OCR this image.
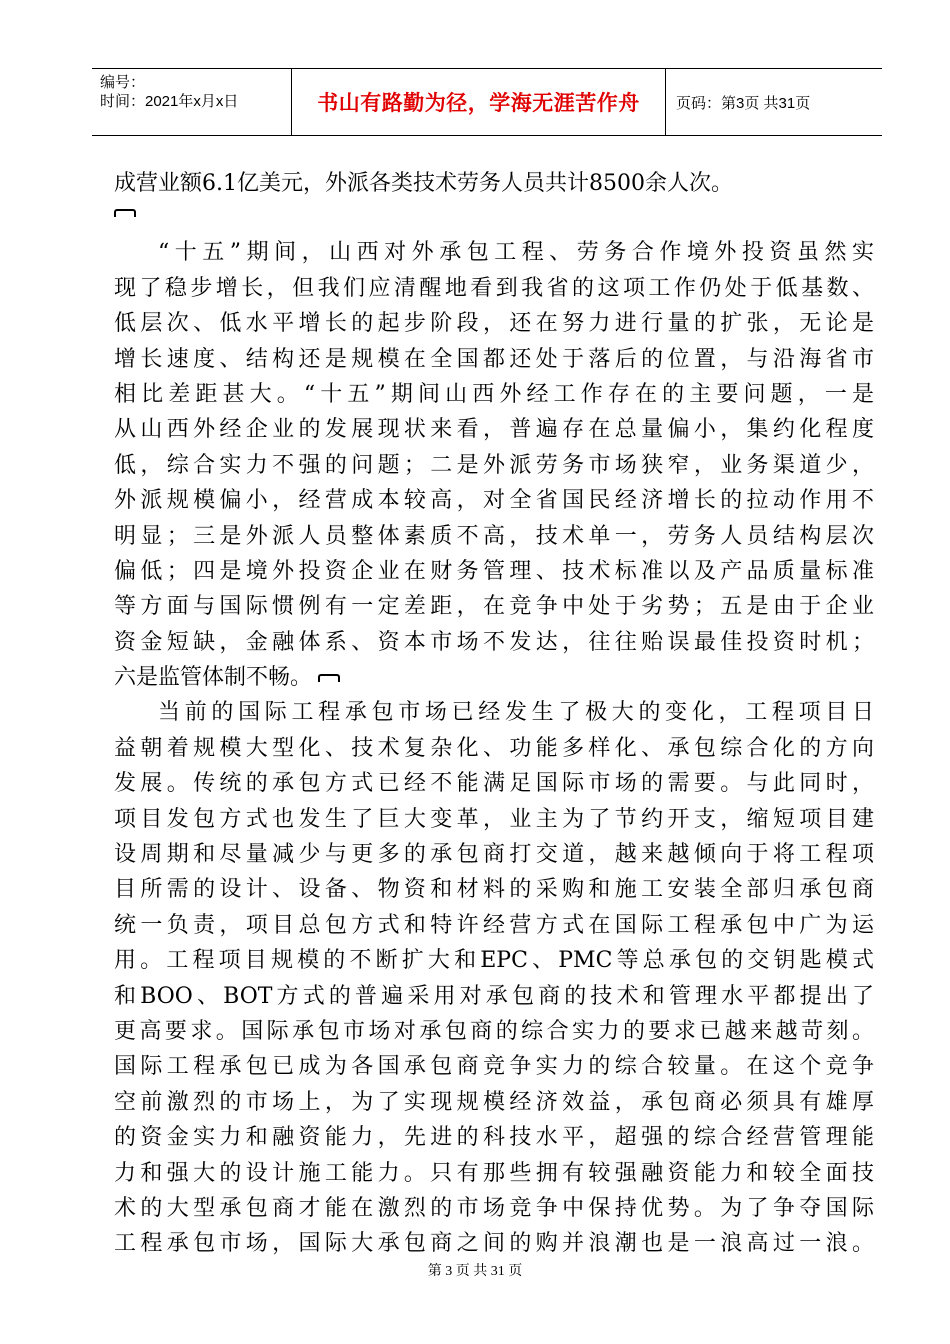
编号：
时间：2021年x月x日	书山有路勤为径，学海无涯苦作舟 页码：第3页 共31页
成营业额6.1亿美元，外派各类技术劳务人员共计8500余人次。
“十五”期间，山西对外承包工程、劳务合作境外投资虽然实
现了稳步增长，但我们应清醒地看到我省的这项工作仍处于低基数、
低层次、低水平增长的起步阶段，还在努力进行量的扩张，无论是
增长速度、结构还是规模在全国都还处于落后的位置，与沿海省市
相比差距甚大。“十五”期间山西外经工作存在的主要问题，一是
从山西外经企业的发展现状来看，普遍存在总量偏小，集约化程度
低，综合实力不强的问题；二是外派劳务市场狭窄，业务渠道少，
外派规模偏小，经营成本较高，对全省国民经济增长的拉动作用不
明显；三是外派人员整体素质不高，技术单一，劳务人员结构层次
偏低；四是境外投资企业在财务管理、技术标准以及产品质量标准
等方面与国际惯例有一定差距，在竞争中处于劣势；五是由于企业
资金短缺，金融体系、资本市场不发达，往往贻误最佳投资时机；
六是监管体制不畅。
当前的国际工程承包市场已经发生了极大的变化，工程项目日
益朝着规模大型化、技术复杂化、功能多样化、承包综合化的方向
发展。传统的承包方式已经不能满足国际市场的需要。与此同时，
项目发包方式也发生了巨大变革，业主为了节约开支，缩短项目建
设周期和尽量减少与更多的承包商打交道，越来越倾向于将工程项
目所需的设计、设备、物资和材料的采购和施工安装全部归承包商
统一负责，项目总包方式和特许经营方式在国际工程承包中广为运
用。工程项目规模的不断扩大和EPC、PMC等总承包的交钥匙模式
和BOO、BOT方式的普遍采用对承包商的技术和管理水平都提出了
更高要求。国际承包市场对承包商的综合实力的要求已越来越苛刻。
国际工程承包已成为各国承包商竞争实力的综合较量。在这个竞争
空前激烈的市场上，为了实现规模经济效益，承包商必须具有雄厚
的资金实力和融资能力，先进的科技水平，超强的综合经营管理能
力和强大的设计施工能力。只有那些拥有较强融资能力和较全面技
术的大型承包商才能在激烈的市场竞争中保持优势。为了争夺国际
工程承包市场，国际大承包商之间的购并浪潮也是一浪高过一浪。
第 3 页 共 31 页
